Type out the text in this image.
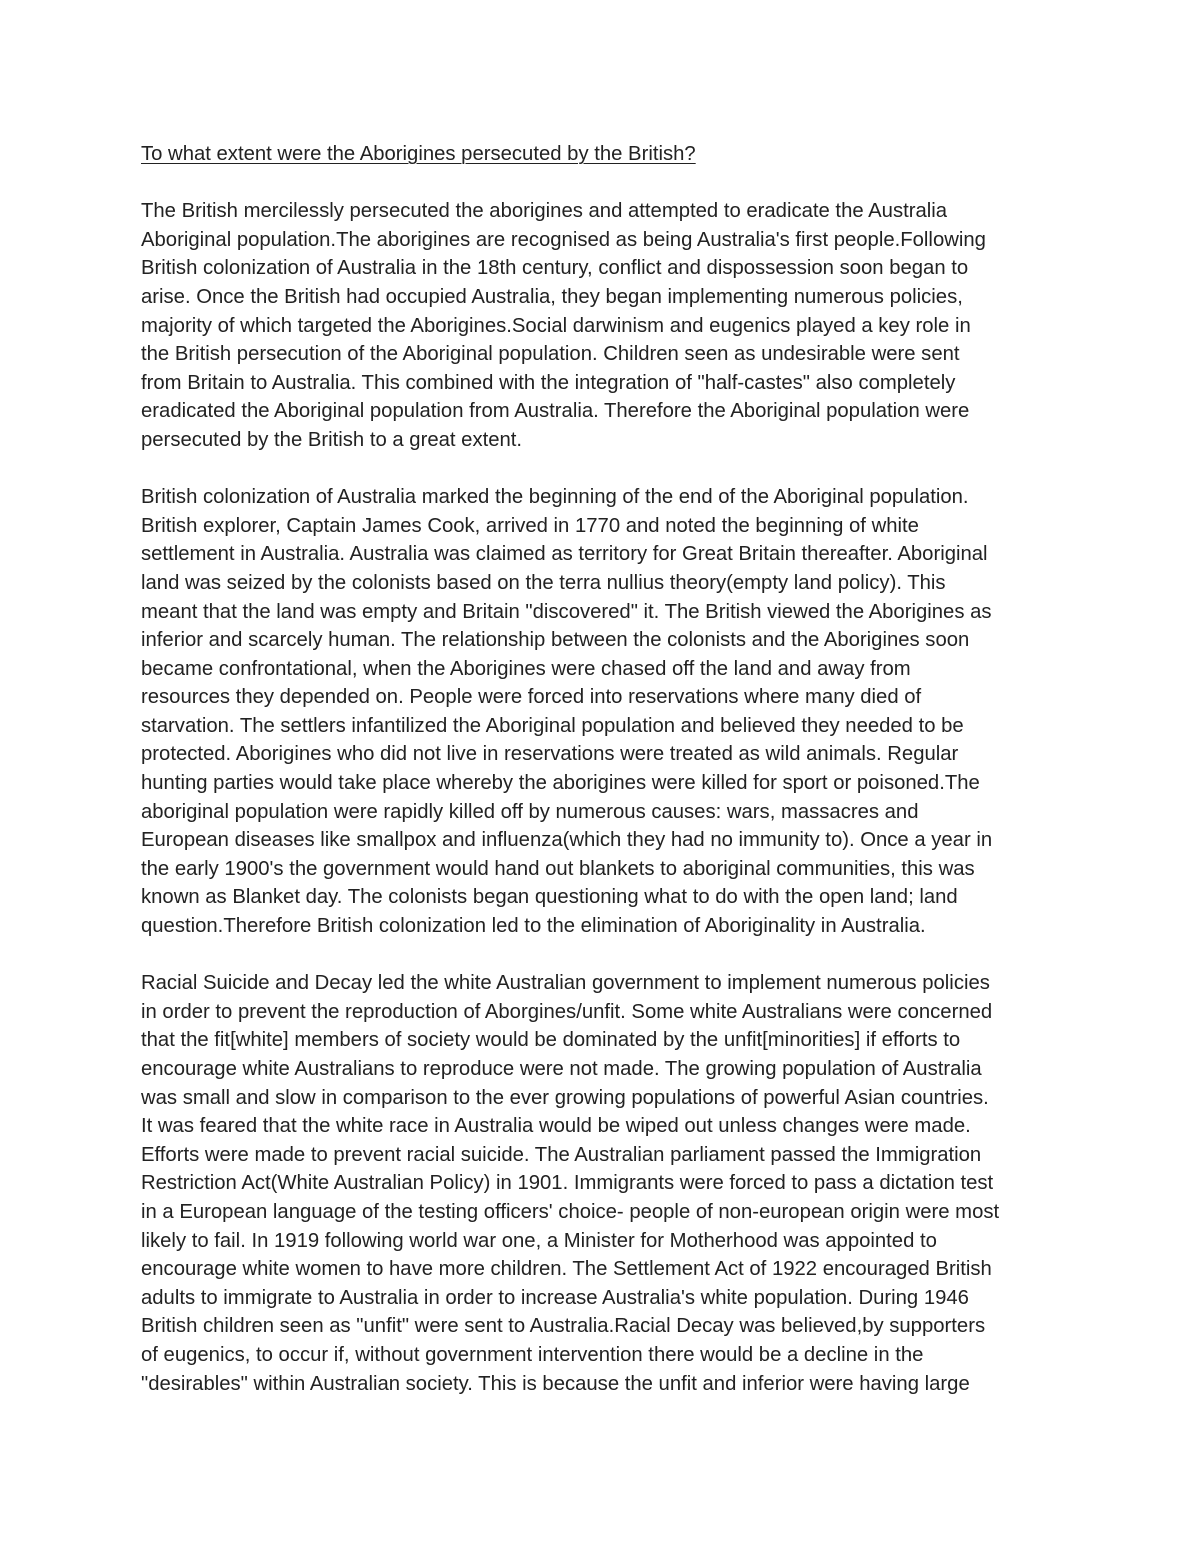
To what extent were the Aborigines persecuted by the British?
The British mercilessly persecuted the aborigines and attempted to eradicate the Australia
Aboriginal population.The aborigines are recognised as being Australia's first people.Following
British colonization of Australia in the 18th century, conflict and dispossession soon began to
arise. Once the British had occupied Australia, they began implementing numerous policies,
majority of which targeted the Aborigines.Social darwinism and eugenics played a key role in
the British persecution of the Aboriginal population. Children seen as undesirable were sent
from Britain to Australia. This combined with the integration of "half-castes" also completely
eradicated the Aboriginal population from Australia. Therefore the Aboriginal population were
persecuted by the British to a great extent.
British colonization of Australia marked the beginning of the end of the Aboriginal population.
British explorer, Captain James Cook, arrived in 1770 and noted the beginning of white
settlement in Australia. Australia was claimed as territory for Great Britain thereafter. Aboriginal
land was seized by the colonists based on the terra nullius theory(empty land policy). This
meant that the land was empty and Britain "discovered" it. The British viewed the Aborigines as
inferior and scarcely human. The relationship between the colonists and the Aborigines soon
became confrontational, when the Aborigines were chased off the land and away from
resources they depended on. People were forced into reservations where many died of
starvation. The settlers infantilized the Aboriginal population and believed they needed to be
protected. Aborigines who did not live in reservations were treated as wild animals. Regular
hunting parties would take place whereby the aborigines were killed for sport or poisoned.The
aboriginal population were rapidly killed off by numerous causes: wars, massacres and
European diseases like smallpox and influenza(which they had no immunity to). Once a year in
the early 1900's the government would hand out blankets to aboriginal communities, this was
known as Blanket day. The colonists began questioning what to do with the open land; land
question.Therefore British colonization led to the elimination of Aboriginality in Australia.
Racial Suicide and Decay led the white Australian government to implement numerous policies
in order to prevent the reproduction of Aborgines/unfit. Some white Australians were concerned
that the fit[white] members of society would be dominated by the unfit[minorities] if efforts to
encourage white Australians to reproduce were not made. The growing population of Australia
was small and slow in comparison to the ever growing populations of powerful Asian countries.
It was feared that the white race in Australia would be wiped out unless changes were made.
Efforts were made to prevent racial suicide. The Australian parliament passed the Immigration
Restriction Act(White Australian Policy) in 1901. Immigrants were forced to pass a dictation test
in a European language of the testing officers' choice- people of non-european origin were most
likely to fail. In 1919 following world war one, a Minister for Motherhood was appointed to
encourage white women to have more children. The Settlement Act of 1922 encouraged British
adults to immigrate to Australia in order to increase Australia's white population. During 1946
British children seen as "unfit" were sent to Australia.Racial Decay was believed,by supporters
of eugenics, to occur if, without government intervention there would be a decline in the
"desirables" within Australian society. This is because the unfit and inferior were having large
